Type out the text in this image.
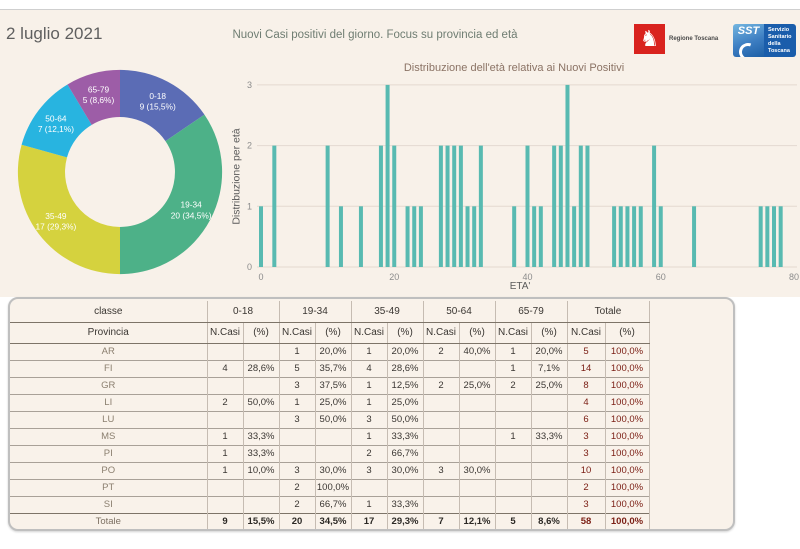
2 luglio 2021	Nuovi Casi positivi del giorno. Focus su provincia ed età	♞	Regione Toscana
SST	Servizio
Sanitario
della
Toscana
0-18 9 (15,5%)
19-34 20 (34,5%)
35-49 17 (29,3%)
50-64 7 (12,1%)
65-79 5 (8,6%)
Distribuzione dell'età relativa ai Nuovi Positivi
Distribuzione per età
0
1
2
3
0	20	40	60	80
ETA'
classe	0-18		19-34		35-49		50-64		65-79		Totale	
Provincia	N.Casi	(%)	N.Casi	(%)	N.Casi	(%)	N.Casi	(%)	N.Casi	(%)	N.Casi	(%)
AR			1	20,0%	1	20,0%	2	40,0%	1	20,0%	5	100,0%
FI	4	28,6%	5	35,7%	4	28,6%			1	7,1%	14	100,0%
GR			3	37,5%	1	12,5%	2	25,0%	2	25,0%	8	100,0%
LI	2	50,0%	1	25,0%	1	25,0%					4	100,0%
LU			3	50,0%	3	50,0%					6	100,0%
MS	1	33,3%			1	33,3%			1	33,3%	3	100,0%
PI	1	33,3%			2	66,7%					3	100,0%
PO	1	10,0%	3	30,0%	3	30,0%	3	30,0%			10	100,0%
PT			2	100,0%							2	100,0%
SI			2	66,7%	1	33,3%					3	100,0%
Totale	9	15,5%	20	34,5%	17	29,3%	7	12,1%	5	8,6%	58	100,0%
